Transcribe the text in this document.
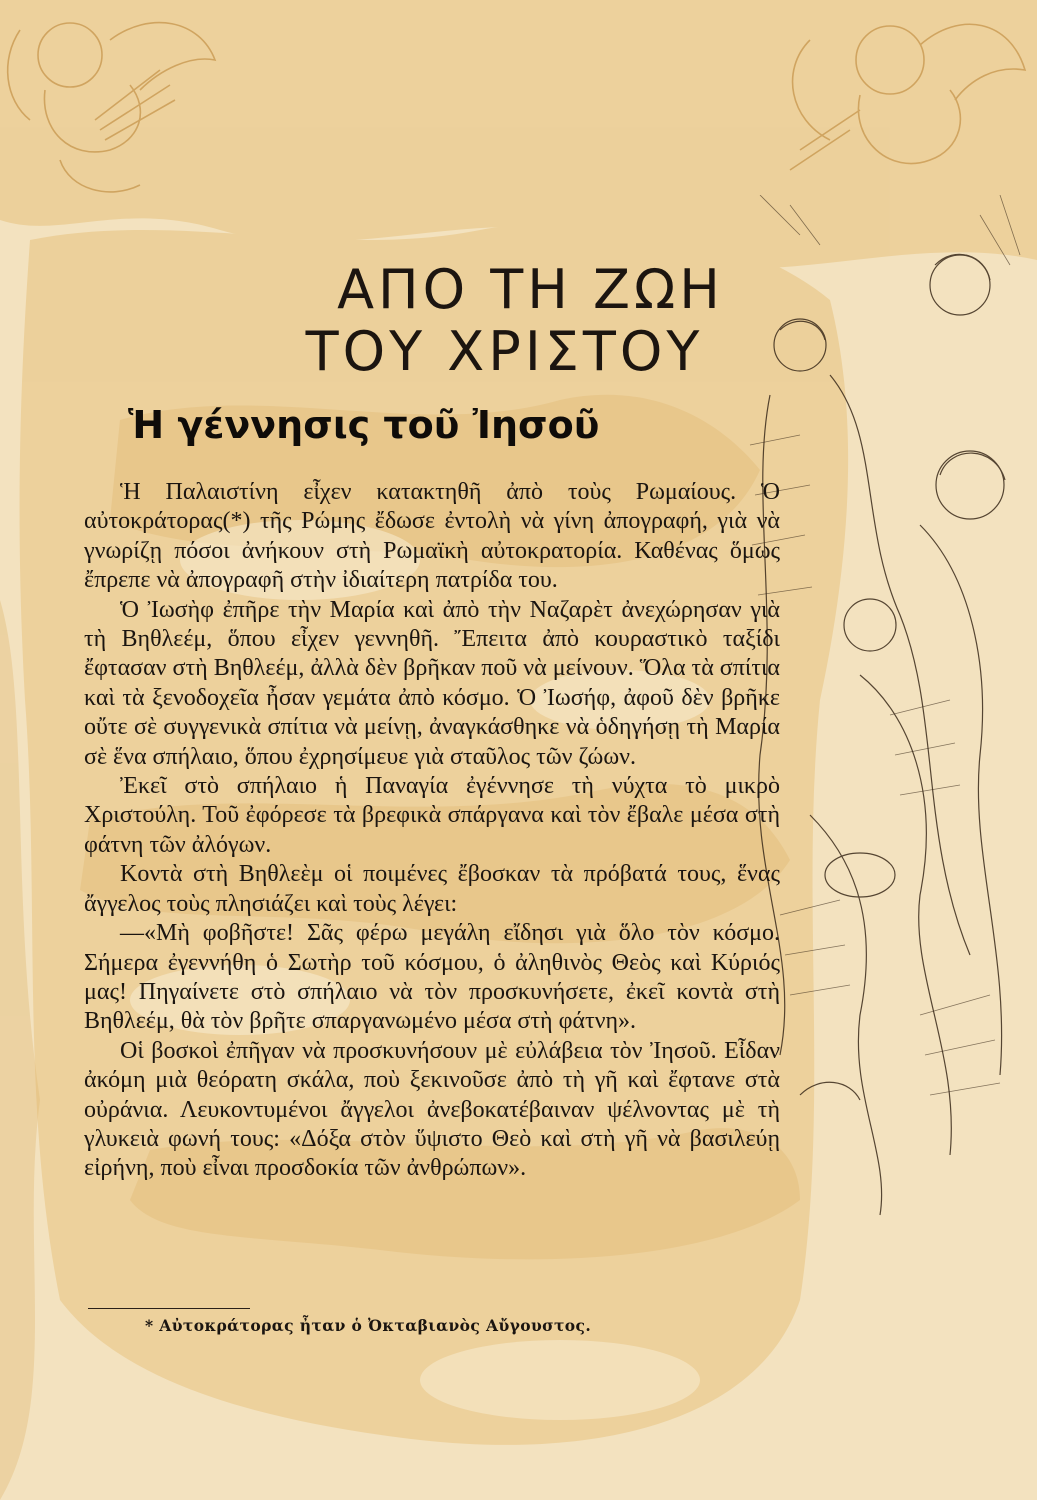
ΑΠΟ ΤΗ ΖΩΗ
ΤΟΥ ΧΡΙΣΤΟΥ
Ἡ γέννησις τοῦ Ἰησοῦ

Ἡ Παλαιστίνη εἶχεν κατακτηθῆ ἀπὸ τοὺς Ρωμαίους. Ὁ αὐτοκράτορας(*) τῆς Ρώμης ἔδωσε ἐντολὴ νὰ γίνη ἀπογραφή, γιὰ νὰ γνωρίζῃ πόσοι ἀνήκουν στὴ Ρωμαϊκὴ αὐτοκρατορία. Καθένας ὅμως ἔπρεπε νὰ ἀπογραφῆ στὴν ἰδιαίτερη πατρίδα του.

Ὁ Ἰωσὴφ ἐπῆρε τὴν Μαρία καὶ ἀπὸ τὴν Ναζαρὲτ ἀνεχώρησαν γιὰ τὴ Βηθλεέμ, ὅπου εἶχεν γεννηθῆ. Ἔπειτα ἀπὸ κουραστικὸ ταξίδι ἔφτασαν στὴ Βηθλεέμ, ἀλλὰ δὲν βρῆκαν ποῦ νὰ μείνουν. Ὅλα τὰ σπίτια καὶ τὰ ξενοδοχεῖα ἦσαν γεμάτα ἀπὸ κόσμο. Ὁ Ἰωσήφ, ἀφοῦ δὲν βρῆκε οὔτε σὲ συγγενικὰ σπίτια νὰ μείνῃ, ἀναγκάσθηκε νὰ ὁδηγήσῃ τὴ Μαρία σὲ ἕνα σπήλαιο, ὅπου ἐχρησίμευε γιὰ σταῦλος τῶν ζώων.

Ἐκεῖ στὸ σπήλαιο ἡ Παναγία ἐγέννησε τὴ νύχτα τὸ μικρὸ Χριστούλη. Τοῦ ἐφόρεσε τὰ βρεφικὰ σπάργανα καὶ τὸν ἔβαλε μέσα στὴ φάτνη τῶν ἀλόγων.

Κοντὰ στὴ Βηθλεὲμ οἱ ποιμένες ἔβοσκαν τὰ πρόβατά τους, ἕνας ἄγγελος τοὺς πλησιάζει καὶ τοὺς λέγει:

—«Μὴ φοβῆστε! Σᾶς φέρω μεγάλη εἴδησι γιὰ ὅλο τὸν κόσμο. Σήμερα ἐγεννήθη ὁ Σωτὴρ τοῦ κόσμου, ὁ ἀληθινὸς Θεὸς καὶ Κύριός μας! Πηγαίνετε στὸ σπήλαιο νὰ τὸν προσκυνήσετε, ἐκεῖ κοντὰ στὴ Βηθλεέμ, θὰ τὸν βρῆτε σπαργανωμένο μέσα στὴ φάτνη».

Οἱ βοσκοὶ ἐπῆγαν νὰ προσκυνήσουν μὲ εὐλάβεια τὸν Ἰησοῦ. Εἶδαν ἀκόμη μιὰ θεόρατη σκάλα, ποὺ ξεκινοῦσε ἀπὸ τὴ γῆ καὶ ἔφτανε στὰ οὐράνια. Λευκοντυμένοι ἄγγελοι ἀνεβοκατέβαιναν ψέλνοντας μὲ τὴ γλυκειὰ φωνή τους: «Δόξα στὸν ὕψιστο Θεὸ καὶ στὴ γῆ νὰ βασιλεύῃ εἰρήνη, ποὺ εἶναι προσδοκία τῶν ἀνθρώπων».

* Αὐτοκράτορας ἦταν ὁ Ὀκταβιανὸς Αὔγουστος.
